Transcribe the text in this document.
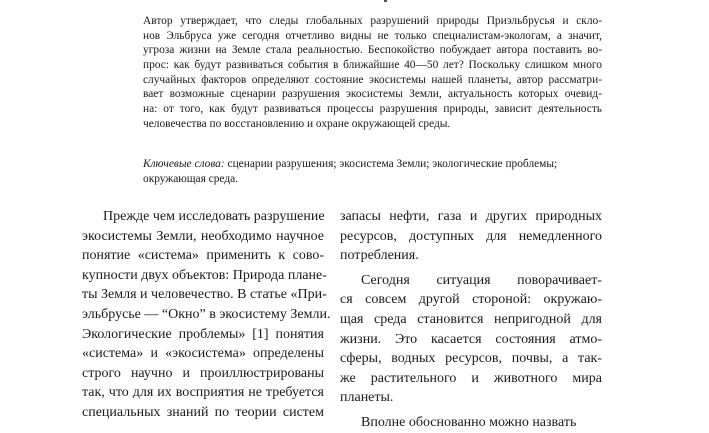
Автор утверждает, что следы глобальных разрушений природы Приэльбрусья и скло-
нов Эльбруса уже сегодня отчетливо видны не только специалистам-экологам, а значит,
угроза жизни на Земле стала реальностью. Беспокойство побуждает автора поставить во-
прос: как будут развиваться события в ближайшие 40—50 лет? Поскольку слишком много
случайных факторов определяют состояние экосистемы нашей планеты, автор рассматри-
вает возможные сценарии разрушения экосистемы Земли, актуальность которых очевид-
на: от того, как будут развиваться процессы разрушения природы, зависит деятельность
человечества по восстановлению и охране окружающей среды.
Ключевые слова: сценарии разрушения; экосистема Земли; экологические проблемы;
окружающая среда.
Прежде чем исследовать разрушение
экосистемы Земли, необходимо научное
понятие «система» применить к сово-
купности двух объектов: Природа плане-
ты Земля и человечество. В статье «При-
эльбрусье — “Окно” в экосистему Земли.
Экологические проблемы» [1] понятия
«система» и «экосистема» определены
строго научно и проиллюстрированы
так, что для их восприятия не требуется
специальных знаний по теории систем
запасы нефти, газа и других природных
ресурсов, доступных для немедленного
потребления.
Сегодня ситуация поворачивает-
ся совсем другой стороной: окружаю-
щая среда становится непригодной для
жизни. Это касается состояния атмо-
сферы, водных ресурсов, почвы, а так-
же растительного и животного мира
планеты.
Вполне обоснованно можно назвать
